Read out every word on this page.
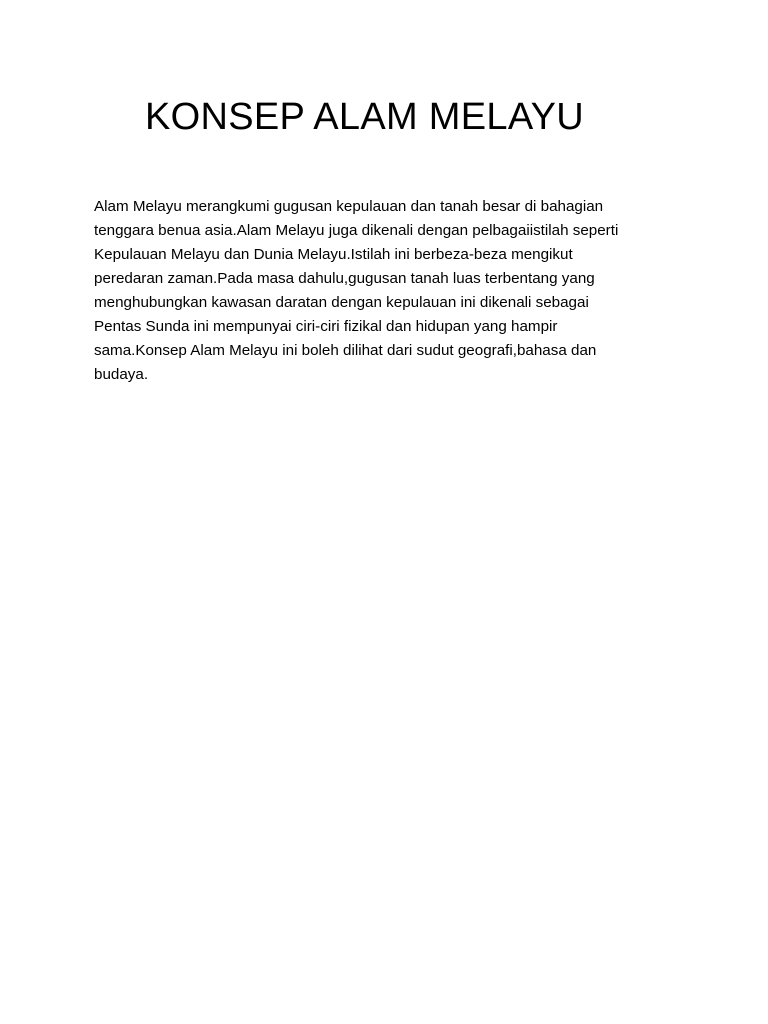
KONSEP ALAM MELAYU
Alam Melayu merangkumi gugusan kepulauan dan tanah besar di bahagian
tenggara benua asia.Alam Melayu juga dikenali dengan pelbagaiistilah seperti
Kepulauan Melayu dan Dunia Melayu.Istilah ini berbeza-beza mengikut
peredaran zaman.Pada masa dahulu,gugusan tanah luas terbentang yang
menghubungkan kawasan daratan dengan kepulauan ini dikenali sebagai
Pentas Sunda ini mempunyai ciri-ciri fizikal dan hidupan yang hampir
sama.Konsep Alam Melayu ini boleh dilihat dari sudut geografi,bahasa dan
budaya.
